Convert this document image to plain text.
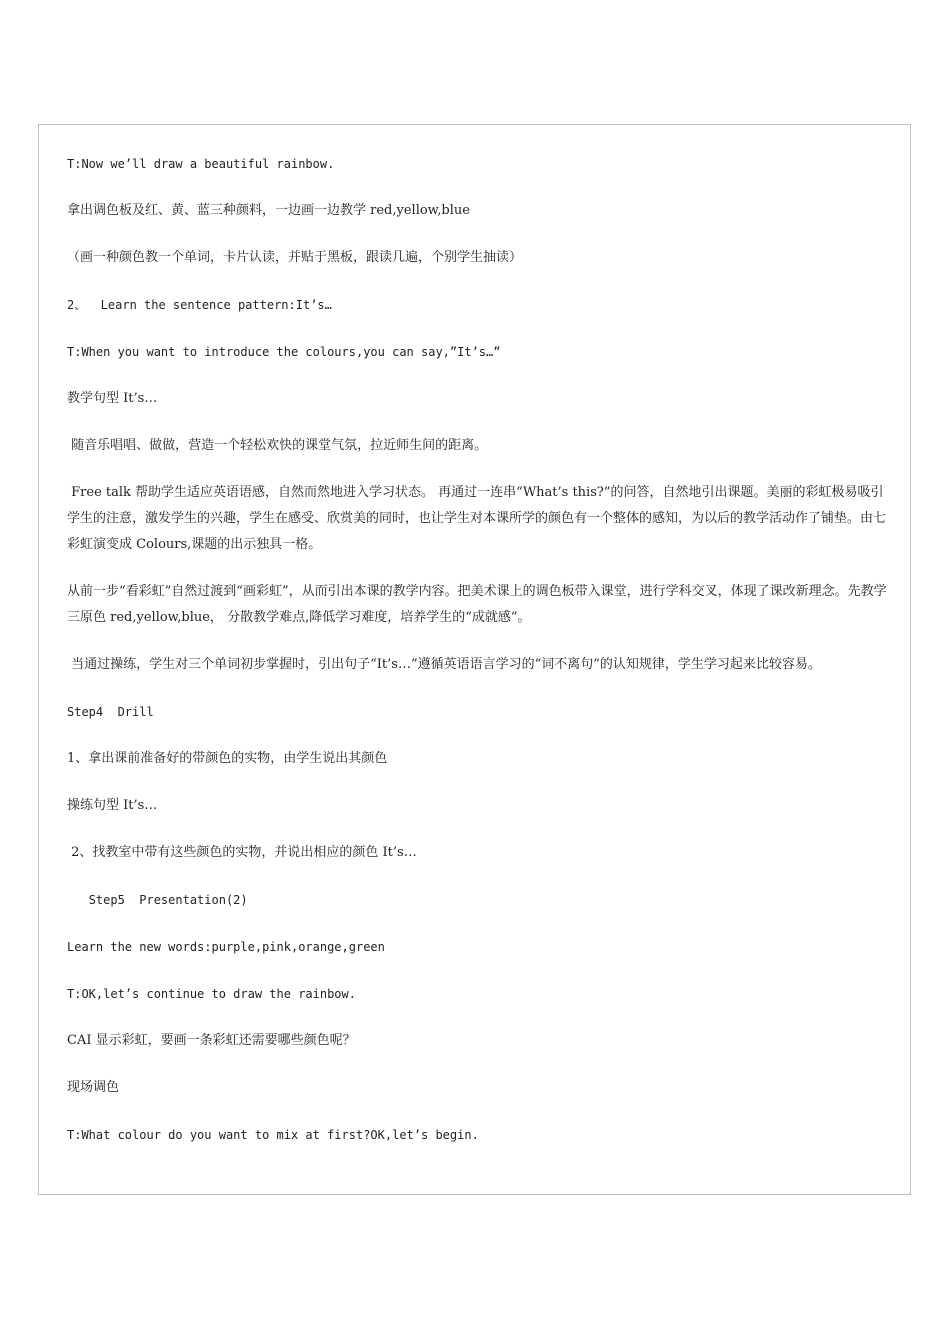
T:Now we’ll draw a beautiful rainbow.

拿出调色板及红、黄、蓝三种颜料，一边画一边教学 red,yellow,blue

（画一种颜色教一个单词，卡片认读，并贴于黑板，跟读几遍，个别学生抽读）

2、  Learn the sentence pattern:It’s…

T:When you want to introduce the colours,you can say,”It’s…”

教学句型 It’s…

随音乐唱唱、做做，营造一个轻松欢快的课堂气氛，拉近师生间的距离。

Free talk 帮助学生适应英语语感，自然而然地进入学习状态。 再通过一连串“What’s this?”的问答，自然地引出课题。美丽的彩虹极易吸引学生的注意，激发学生的兴趣，学生在感受、欣赏美的同时，也让学生对本课所学的颜色有一个整体的感知，为以后的教学活动作了铺垫。由七彩虹演变成 Colours,课题的出示独具一格。

从前一步“看彩虹”自然过渡到“画彩虹”，从而引出本课的教学内容。把美术课上的调色板带入课堂，进行学科交叉，体现了课改新理念。先教学三原色 red,yellow,blue， 分散教学难点,降低学习难度，培养学生的“成就感”。

当通过操练，学生对三个单词初步掌握时，引出句子“It’s…”遵循英语语言学习的“词不离句”的认知规律，学生学习起来比较容易。

Step4  Drill

1、拿出课前准备好的带颜色的实物，由学生说出其颜色

操练句型 It’s…

2、找教室中带有这些颜色的实物，并说出相应的颜色 It’s…

Step5  Presentation(2)

Learn the new words:purple,pink,orange,green

T:OK,let’s continue to draw the rainbow.

CAI 显示彩虹，要画一条彩虹还需要哪些颜色呢？

现场调色

T:What colour do you want to mix at first?OK,let’s begin.
